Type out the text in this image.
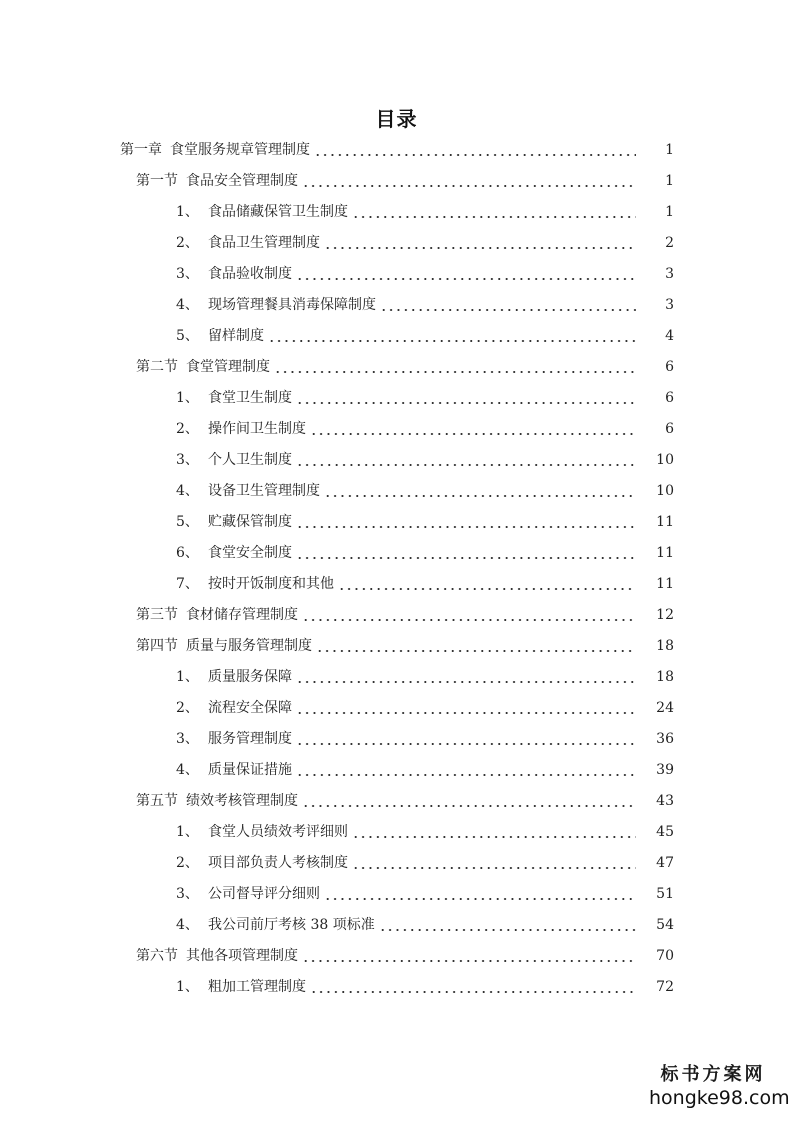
目录
第一章 食堂服务规章管理制度	1
第一节 食品安全管理制度	1
1、 食品储藏保管卫生制度	1
2、 食品卫生管理制度	2
3、 食品验收制度	3
4、 现场管理餐具消毒保障制度	3
5、 留样制度	4
第二节 食堂管理制度	6
1、 食堂卫生制度	6
2、 操作间卫生制度	6
3、 个人卫生制度	10
4、 设备卫生管理制度	10
5、 贮藏保管制度	11
6、 食堂安全制度	11
7、 按时开饭制度和其他	11
第三节 食材储存管理制度	12
第四节 质量与服务管理制度	18
1、 质量服务保障	18
2、 流程安全保障	24
3、 服务管理制度	36
4、 质量保证措施	39
第五节 绩效考核管理制度	43
1、 食堂人员绩效考评细则	45
2、 项目部负责人考核制度	47
3、 公司督导评分细则	51
4、 我公司前厅考核 38 项标准	54
第六节 其他各项管理制度	70
1、 粗加工管理制度	72
标书方案网
hongke98.com
